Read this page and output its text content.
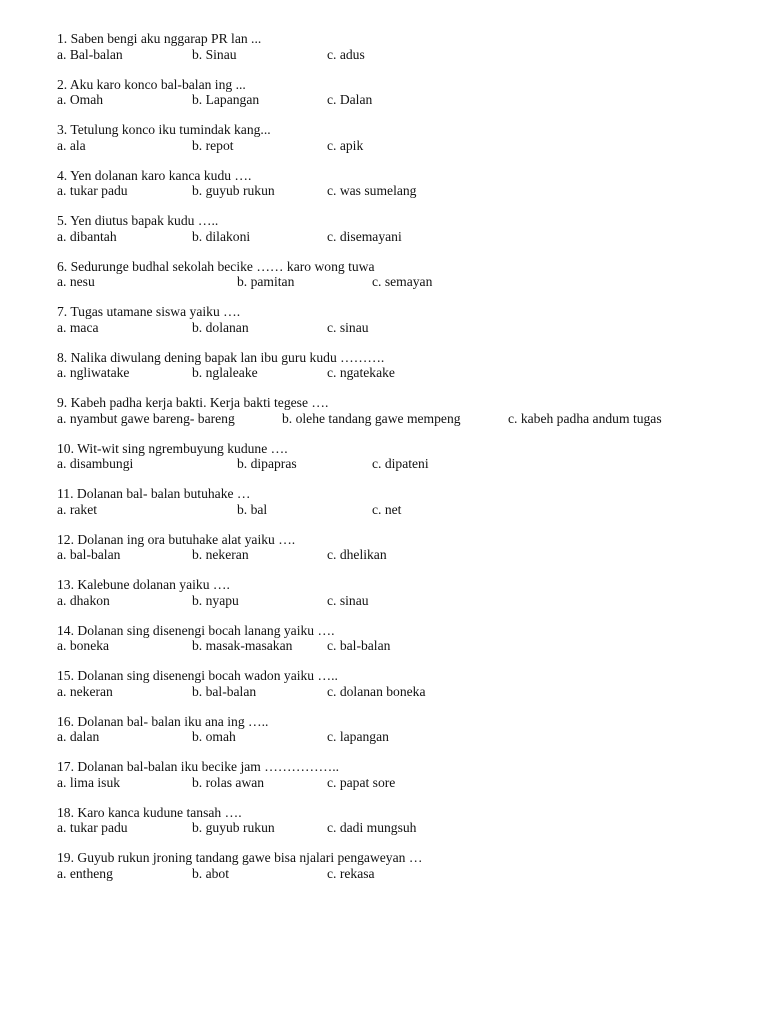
1. Saben bengi aku nggarap PR lan ...
a. Bal-balan	b. Sinau	c. adus
2. Aku karo konco bal-balan ing ...
a. Omah	b. Lapangan	c. Dalan
3. Tetulung konco iku tumindak kang...
a. ala	b. repot	c. apik
4. Yen dolanan karo kanca kudu ….
a. tukar padu	b. guyub rukun	c. was sumelang
5. Yen diutus bapak kudu …..
a. dibantah	b. dilakoni	c. disemayani
6. Sedurunge budhal sekolah becike …… karo wong tuwa
a. nesu	b. pamitan	c. semayan
7. Tugas utamane siswa yaiku ….
a. maca	b. dolanan	c. sinau
8. Nalika diwulang dening bapak lan ibu guru kudu ……….
a. ngliwatake	b. nglaleake	c. ngatekake
9. Kabeh padha kerja bakti. Kerja bakti tegese ….
a. nyambut gawe bareng- bareng	b. olehe tandang gawe mempeng	c. kabeh padha andum tugas
10. Wit-wit sing ngrembuyung kudune ….
a. disambungi	b. dipapras	c. dipateni
11. Dolanan bal- balan butuhake …
a. raket	b. bal	c. net
12. Dolanan ing ora butuhake alat yaiku ….
a. bal-balan	b. nekeran	c. dhelikan
13. Kalebune dolanan yaiku ….
a. dhakon	b. nyapu	c. sinau
14. Dolanan sing disenengi bocah lanang yaiku ….
a. boneka	b. masak-masakan	c. bal-balan
15. Dolanan sing disenengi bocah wadon yaiku …..
a. nekeran	b. bal-balan	c. dolanan boneka
16. Dolanan bal- balan iku ana ing …..
a. dalan	b. omah	c. lapangan
17. Dolanan bal-balan iku becike jam ……………..
a. lima isuk	b. rolas awan	c. papat sore
18. Karo kanca kudune tansah ….
a. tukar padu	b. guyub rukun	c. dadi mungsuh
19. Guyub rukun jroning tandang gawe bisa njalari pengaweyan …
a. entheng	b. abot	c. rekasa
